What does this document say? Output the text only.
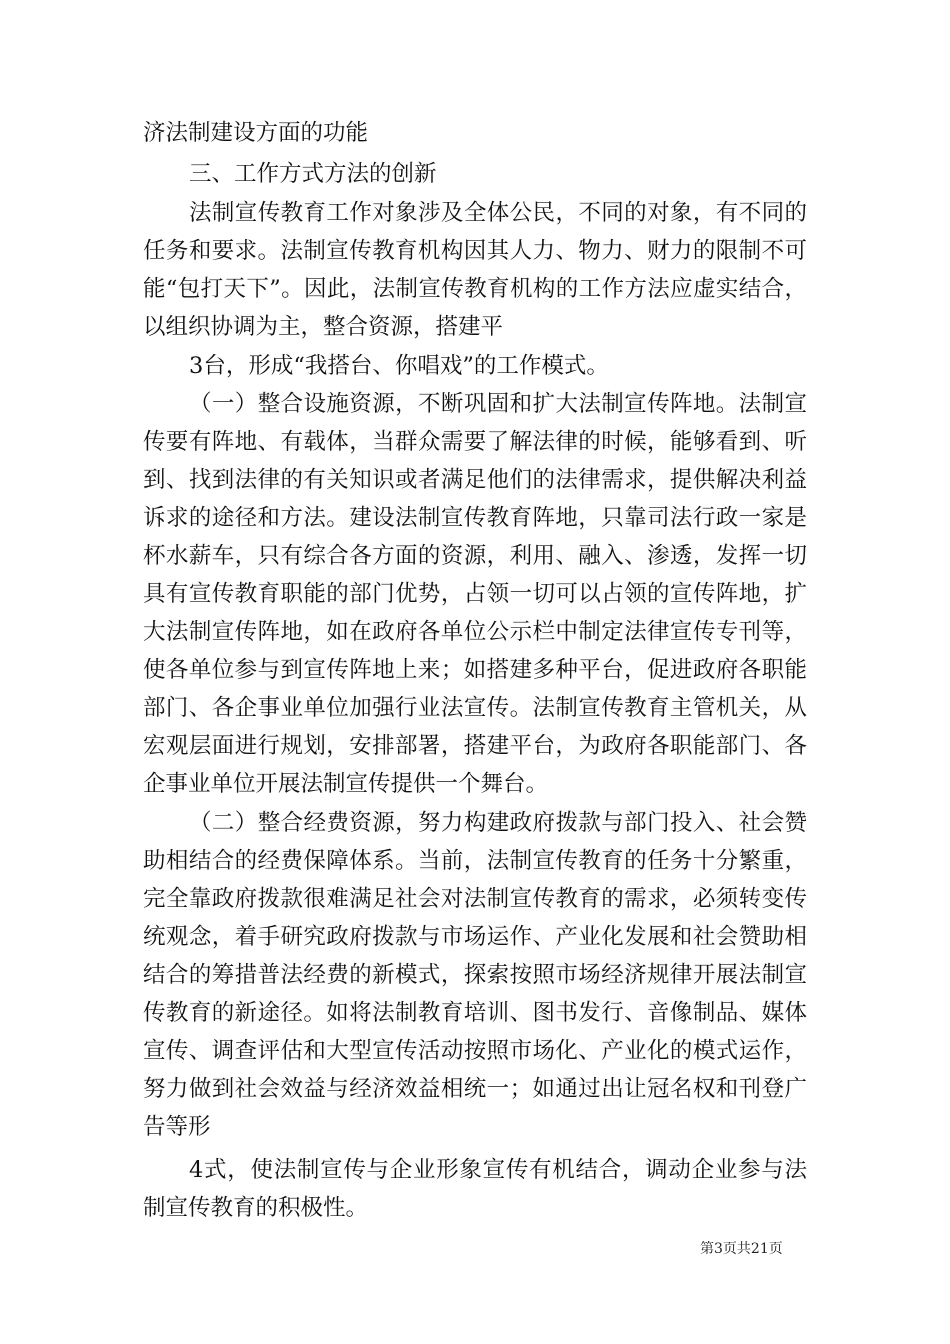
济法制建设方面的功能
三、工作方式方法的创新
法制宣传教育工作对象涉及全体公民，不同的对象，有不同的
任务和要求。法制宣传教育机构因其人力、物力、财力的限制不可
能“包打天下”。因此，法制宣传教育机构的工作方法应虚实结合，
以组织协调为主，整合资源，搭建平
3台，形成“我搭台、你唱戏”的工作模式。
（一）整合设施资源，不断巩固和扩大法制宣传阵地。法制宣
传要有阵地、有载体，当群众需要了解法律的时候，能够看到、听
到、找到法律的有关知识或者满足他们的法律需求，提供解决利益
诉求的途径和方法。建设法制宣传教育阵地，只靠司法行政一家是
杯水薪车，只有综合各方面的资源，利用、融入、渗透，发挥一切
具有宣传教育职能的部门优势，占领一切可以占领的宣传阵地，扩
大法制宣传阵地，如在政府各单位公示栏中制定法律宣传专刊等，
使各单位参与到宣传阵地上来；如搭建多种平台，促进政府各职能
部门、各企事业单位加强行业法宣传。法制宣传教育主管机关，从
宏观层面进行规划，安排部署，搭建平台，为政府各职能部门、各
企事业单位开展法制宣传提供一个舞台。
（二）整合经费资源，努力构建政府拨款与部门投入、社会赞
助相结合的经费保障体系。当前，法制宣传教育的任务十分繁重，
完全靠政府拨款很难满足社会对法制宣传教育的需求，必须转变传
统观念，着手研究政府拨款与市场运作、产业化发展和社会赞助相
结合的筹措普法经费的新模式，探索按照市场经济规律开展法制宣
传教育的新途径。如将法制教育培训、图书发行、音像制品、媒体
宣传、调查评估和大型宣传活动按照市场化、产业化的模式运作，
努力做到社会效益与经济效益相统一；如通过出让冠名权和刊登广
告等形
4式，使法制宣传与企业形象宣传有机结合，调动企业参与法
制宣传教育的积极性。
第3页共21页
